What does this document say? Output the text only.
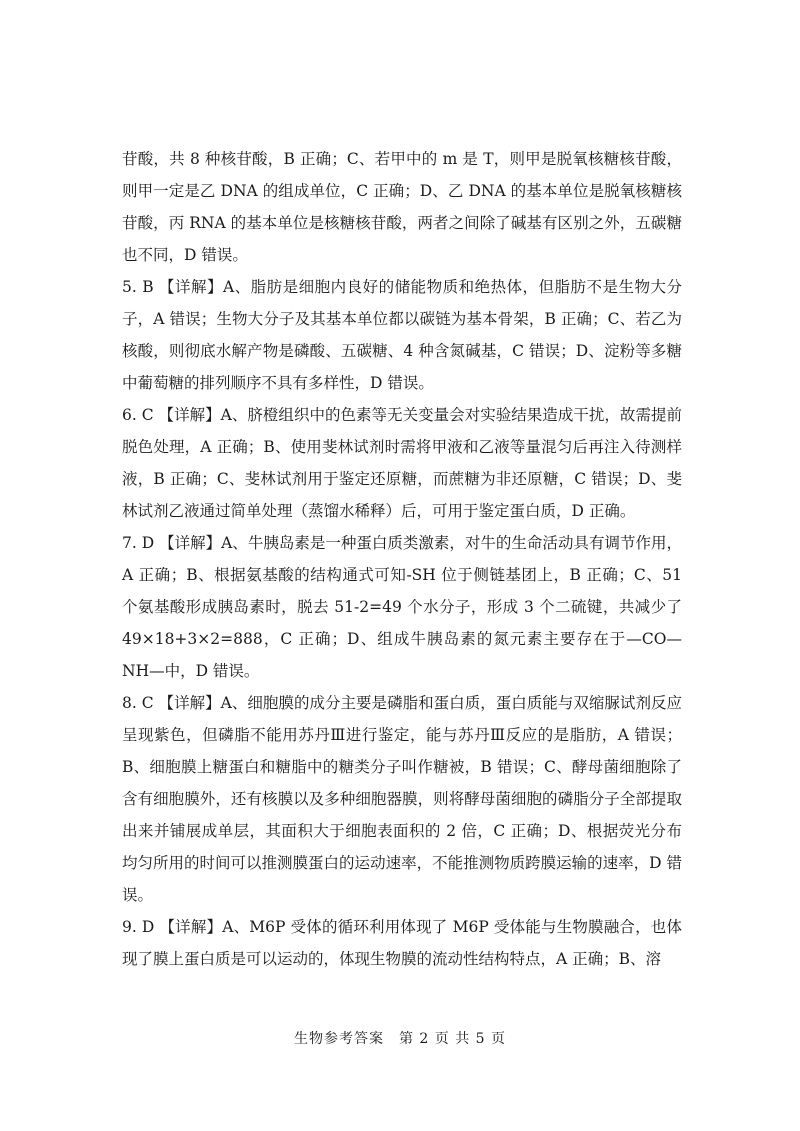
苷酸，共 8 种核苷酸，B 正确；C、若甲中的 m 是 T，则甲是脱氧核糖核苷酸，则甲一定是乙 DNA 的组成单位，C 正确；D、乙 DNA 的基本单位是脱氧核糖核苷酸，丙 RNA 的基本单位是核糖核苷酸，两者之间除了碱基有区别之外，五碳糖也不同，D 错误。

5. B 【详解】A、脂肪是细胞内良好的储能物质和绝热体，但脂肪不是生物大分子，A 错误；生物大分子及其基本单位都以碳链为基本骨架，B 正确；C、若乙为核酸，则彻底水解产物是磷酸、五碳糖、4 种含氮碱基，C 错误；D、淀粉等多糖中葡萄糖的排列顺序不具有多样性，D 错误。

6. C 【详解】A、脐橙组织中的色素等无关变量会对实验结果造成干扰，故需提前脱色处理，A 正确；B、使用斐林试剂时需将甲液和乙液等量混匀后再注入待测样液，B 正确；C、斐林试剂用于鉴定还原糖，而蔗糖为非还原糖，C 错误；D、斐林试剂乙液通过简单处理（蒸馏水稀释）后，可用于鉴定蛋白质，D 正确。

7. D 【详解】A、牛胰岛素是一种蛋白质类激素，对牛的生命活动具有调节作用，A 正确；B、根据氨基酸的结构通式可知-SH 位于侧链基团上，B 正确；C、51 个氨基酸形成胰岛素时，脱去 51-2=49 个水分子，形成 3 个二硫键，共减少了 49×18+3×2=888，C 正确；D、组成牛胰岛素的氮元素主要存在于—CO—NH—中，D 错误。

8. C 【详解】A、细胞膜的成分主要是磷脂和蛋白质，蛋白质能与双缩脲试剂反应呈现紫色，但磷脂不能用苏丹Ⅲ进行鉴定，能与苏丹Ⅲ反应的是脂肪，A 错误；B、细胞膜上糖蛋白和糖脂中的糖类分子叫作糖被，B 错误；C、酵母菌细胞除了含有细胞膜外，还有核膜以及多种细胞器膜，则将酵母菌细胞的磷脂分子全部提取出来并铺展成单层，其面积大于细胞表面积的 2 倍，C 正确；D、根据荧光分布均匀所用的时间可以推测膜蛋白的运动速率，不能推测物质跨膜运输的速率，D 错误。

9. D 【详解】A、M6P 受体的循环利用体现了 M6P 受体能与生物膜融合，也体现了膜上蛋白质是可以运动的，体现生物膜的流动性结构特点，A 正确；B、溶

生物参考答案　第 2 页 共 5 页
